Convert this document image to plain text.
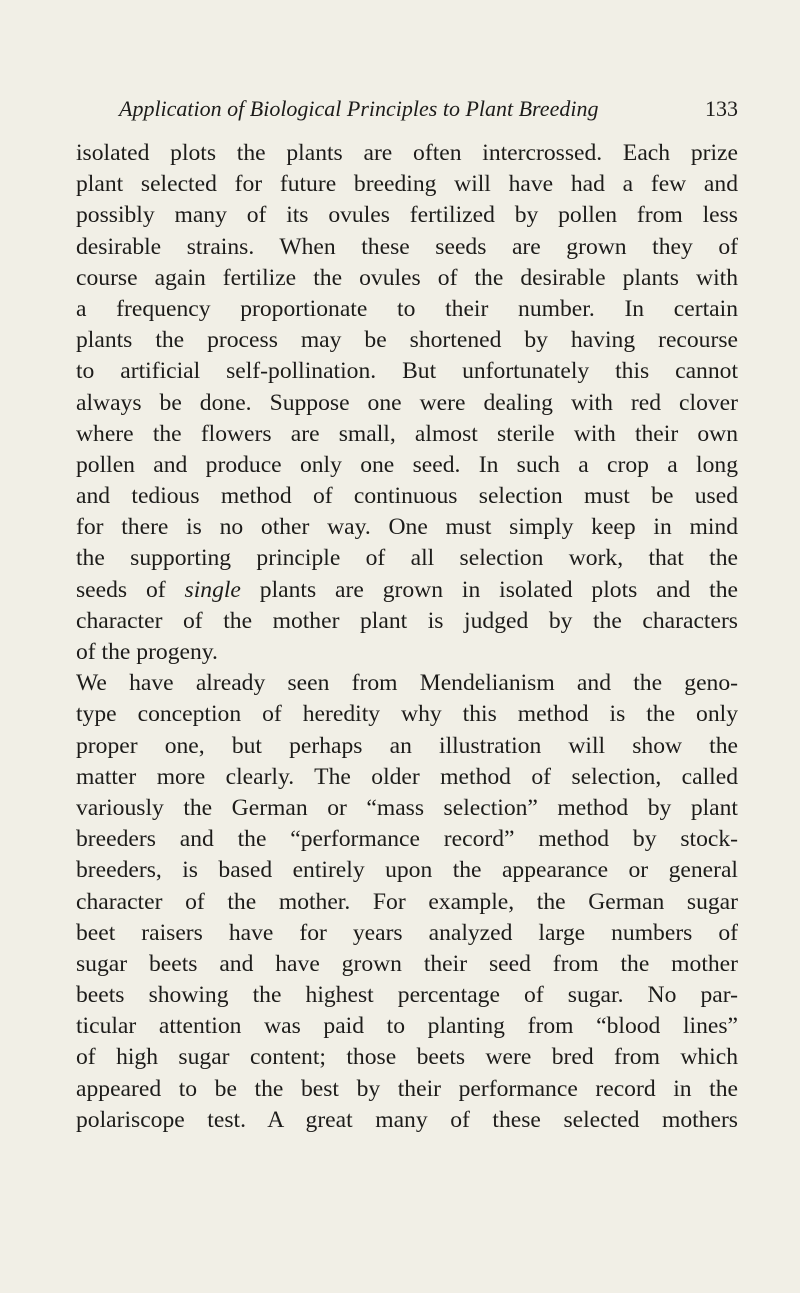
Application of Biological Principles to Plant Breeding	133
isolated plots the plants are often intercrossed. Each prize
plant selected for future breeding will have had a few and
possibly many of its ovules fertilized by pollen from less
desirable strains. When these seeds are grown they of
course again fertilize the ovules of the desirable plants with
a frequency proportionate to their number. In certain
plants the process may be shortened by having recourse
to artificial self-pollination. But unfortunately this cannot
always be done. Suppose one were dealing with red clover
where the flowers are small, almost sterile with their own
pollen and produce only one seed. In such a crop a long
and tedious method of continuous selection must be used
for there is no other way. One must simply keep in mind
the supporting principle of all selection work, that the
seeds of single plants are grown in isolated plots and the
character of the mother plant is judged by the characters
of the progeny.
We have already seen from Mendelianism and the geno-
type conception of heredity why this method is the only
proper one, but perhaps an illustration will show the
matter more clearly. The older method of selection, called
variously the German or “mass selection” method by plant
breeders and the “performance record” method by stock-
breeders, is based entirely upon the appearance or general
character of the mother. For example, the German sugar
beet raisers have for years analyzed large numbers of
sugar beets and have grown their seed from the mother
beets showing the highest percentage of sugar. No par-
ticular attention was paid to planting from “blood lines”
of high sugar content; those beets were bred from which
appeared to be the best by their performance record in the
polariscope test. A great many of these selected mothers
